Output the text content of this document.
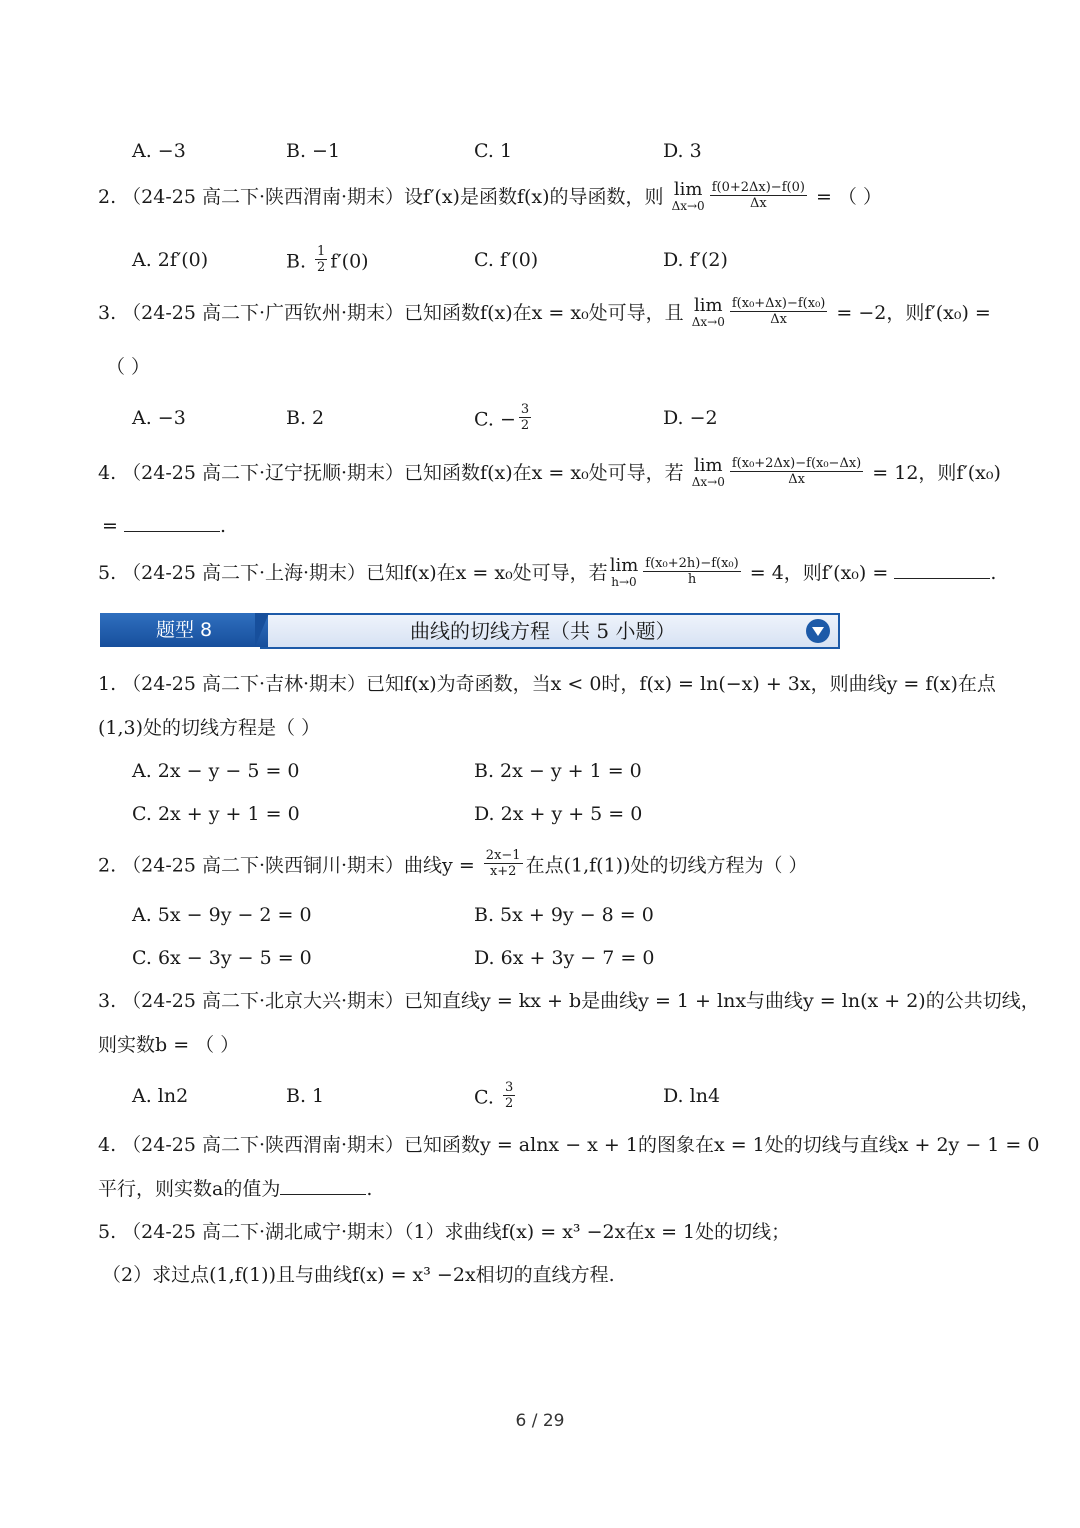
A. −3	B. −1	C. 1	D. 3
2. （24-25 高二下·陕西渭南·期末）设f′(x)是函数f(x)的导函数，则 lim
$\Delta x\to 0 \frac{f(0+2\Delta x)-f(0)}{\Delta x}$ = （ ）
A. 2f′(0)	B. $\frac{1}{2} f'(0)$	C. f′(0)	D. f′(2)
3. （24-25 高二下·广西钦州·期末）已知函数f(x)在x = x₀处可导，且 lim
$\Delta x\to 0 \frac{\text{f(x₀+Δx)−f(x₀)}}{\Delta x} = -2$，则f′(x₀) =
（ ）
A. −3	B. 2	C. − $\frac{3}{2}$	D. −2
4. （24-25 高二下·辽宁抚顺·期末）已知函数f(x)在x = x₀处可导，若 lim
$\Delta x\to 0 \frac{\text{f(x₀+2Δx)−f(x₀−Δx)}}{\Delta x} = 12$，则f′(x₀)
=	.
5. （24-25 高二下·上海·期末）已知f(x)在x = x₀处可导，若 lim
$h\to 0 \frac{\text{f(x₀+2h)−f(x₀)}}{h} = 4$，则f′(x₀) =	.
曲线的切线方程（共 5 小题）
题型 8
1. （24-25 高二下·吉林·期末）已知f(x)为奇函数，当x < 0时，f(x) = ln(−x) + 3x，则曲线y = f(x)在点
(1,3)处的切线方程是（ ）
A. 2x − y − 5 = 0	B. 2x − y + 1 = 0
C. 2x + y + 1 = 0	D. 2x + y + 5 = 0
2. （24-25 高二下·陕西铜川·期末）曲线$y = \frac{2x-1}{x+2}$ 在点(1,f(1))处的切线方程为（ ）
A. 5x − 9y − 2 = 0	B. 5x + 9y − 8 = 0
C. 6x − 3y − 5 = 0	D. 6x + 3y − 7 = 0
3. （24-25 高二下·北京大兴·期末）已知直线y = kx + b是曲线y = 1 + lnx与曲线y = ln(x + 2)的公共切线，
则实数b = （ ）
A. ln2	B. 1	C. $\frac{3}{2}$	D. ln4
4. （24-25 高二下·陕西渭南·期末）已知函数y = alnx − x + 1的图象在x = 1处的切线与直线x + 2y − 1 = 0
平行，则实数a的值为	.
5. （24-25 高二下·湖北咸宁·期末）（1）求曲线f(x) = x³ −2x在x = 1处的切线；
（2）求过点(1,f(1))且与曲线f(x) = x³ −2x相切的直线方程.
6 / 29
